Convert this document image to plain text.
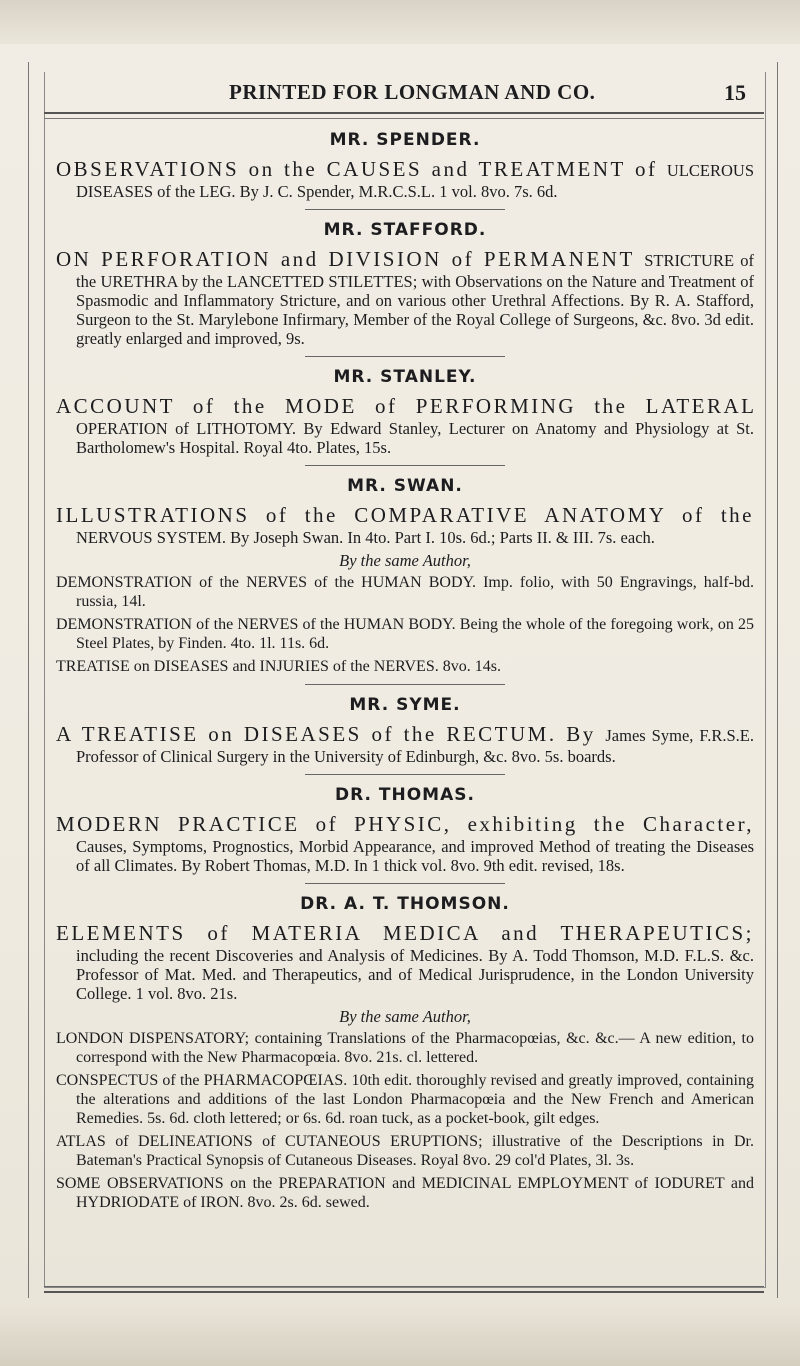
PRINTED FOR LONGMAN AND CO.	15
MR. SPENDER.
OBSERVATIONS on the CAUSES and TREATMENT of ULCEROUS DISEASES of the LEG. By J. C. Spender, M.R.C.S.L. 1 vol. 8vo. 7s. 6d.
MR. STAFFORD.
ON PERFORATION and DIVISION of PERMANENT STRICTURE of the URETHRA by the LANCETTED STILETTES; with Observations on the Nature and Treatment of Spasmodic and Inflammatory Stricture, and on various other Urethral Affections. By R. A. Stafford, Surgeon to the St. Marylebone Infirmary, Member of the Royal College of Surgeons, &c. 8vo. 3d edit. greatly enlarged and improved, 9s.
MR. STANLEY.
ACCOUNT of the MODE of PERFORMING the LATERAL OPERATION of LITHOTOMY. By Edward Stanley, Lecturer on Anatomy and Physiology at St. Bartholomew's Hospital. Royal 4to. Plates, 15s.
MR. SWAN.
ILLUSTRATIONS of the COMPARATIVE ANATOMY of the NERVOUS SYSTEM. By Joseph Swan. In 4to. Part I. 10s. 6d.; Parts II. & III. 7s. each.
By the same Author,
DEMONSTRATION of the NERVES of the HUMAN BODY. Imp. folio, with 50 Engravings, half-bd. russia, 14l.
DEMONSTRATION of the NERVES of the HUMAN BODY. Being the whole of the foregoing work, on 25 Steel Plates, by Finden. 4to. 1l. 11s. 6d.
TREATISE on DISEASES and INJURIES of the NERVES. 8vo. 14s.
MR. SYME.
A TREATISE on DISEASES of the RECTUM. By James Syme, F.R.S.E. Professor of Clinical Surgery in the University of Edinburgh, &c. 8vo. 5s. boards.
DR. THOMAS.
MODERN PRACTICE of PHYSIC, exhibiting the Character, Causes, Symptoms, Prognostics, Morbid Appearance, and improved Method of treating the Diseases of all Climates. By Robert Thomas, M.D. In 1 thick vol. 8vo. 9th edit. revised, 18s.
DR. A. T. THOMSON.
ELEMENTS of MATERIA MEDICA and THERAPEUTICS; including the recent Discoveries and Analysis of Medicines. By A. Todd Thomson, M.D. F.L.S. &c. Professor of Mat. Med. and Therapeutics, and of Medical Jurisprudence, in the London University College. 1 vol. 8vo. 21s.
By the same Author,
LONDON DISPENSATORY; containing Translations of the Pharmacopœias, &c. &c.— A new edition, to correspond with the New Pharmacopœia. 8vo. 21s. cl. lettered.
CONSPECTUS of the PHARMACOPŒIAS. 10th edit. thoroughly revised and greatly improved, containing the alterations and additions of the last London Pharmacopœia and the New French and American Remedies. 5s. 6d. cloth lettered; or 6s. 6d. roan tuck, as a pocket-book, gilt edges.
ATLAS of DELINEATIONS of CUTANEOUS ERUPTIONS; illustrative of the Descriptions in Dr. Bateman's Practical Synopsis of Cutaneous Diseases. Royal 8vo. 29 col'd Plates, 3l. 3s.
SOME OBSERVATIONS on the PREPARATION and MEDICINAL EMPLOYMENT of IODURET and HYDRIODATE of IRON. 8vo. 2s. 6d. sewed.
